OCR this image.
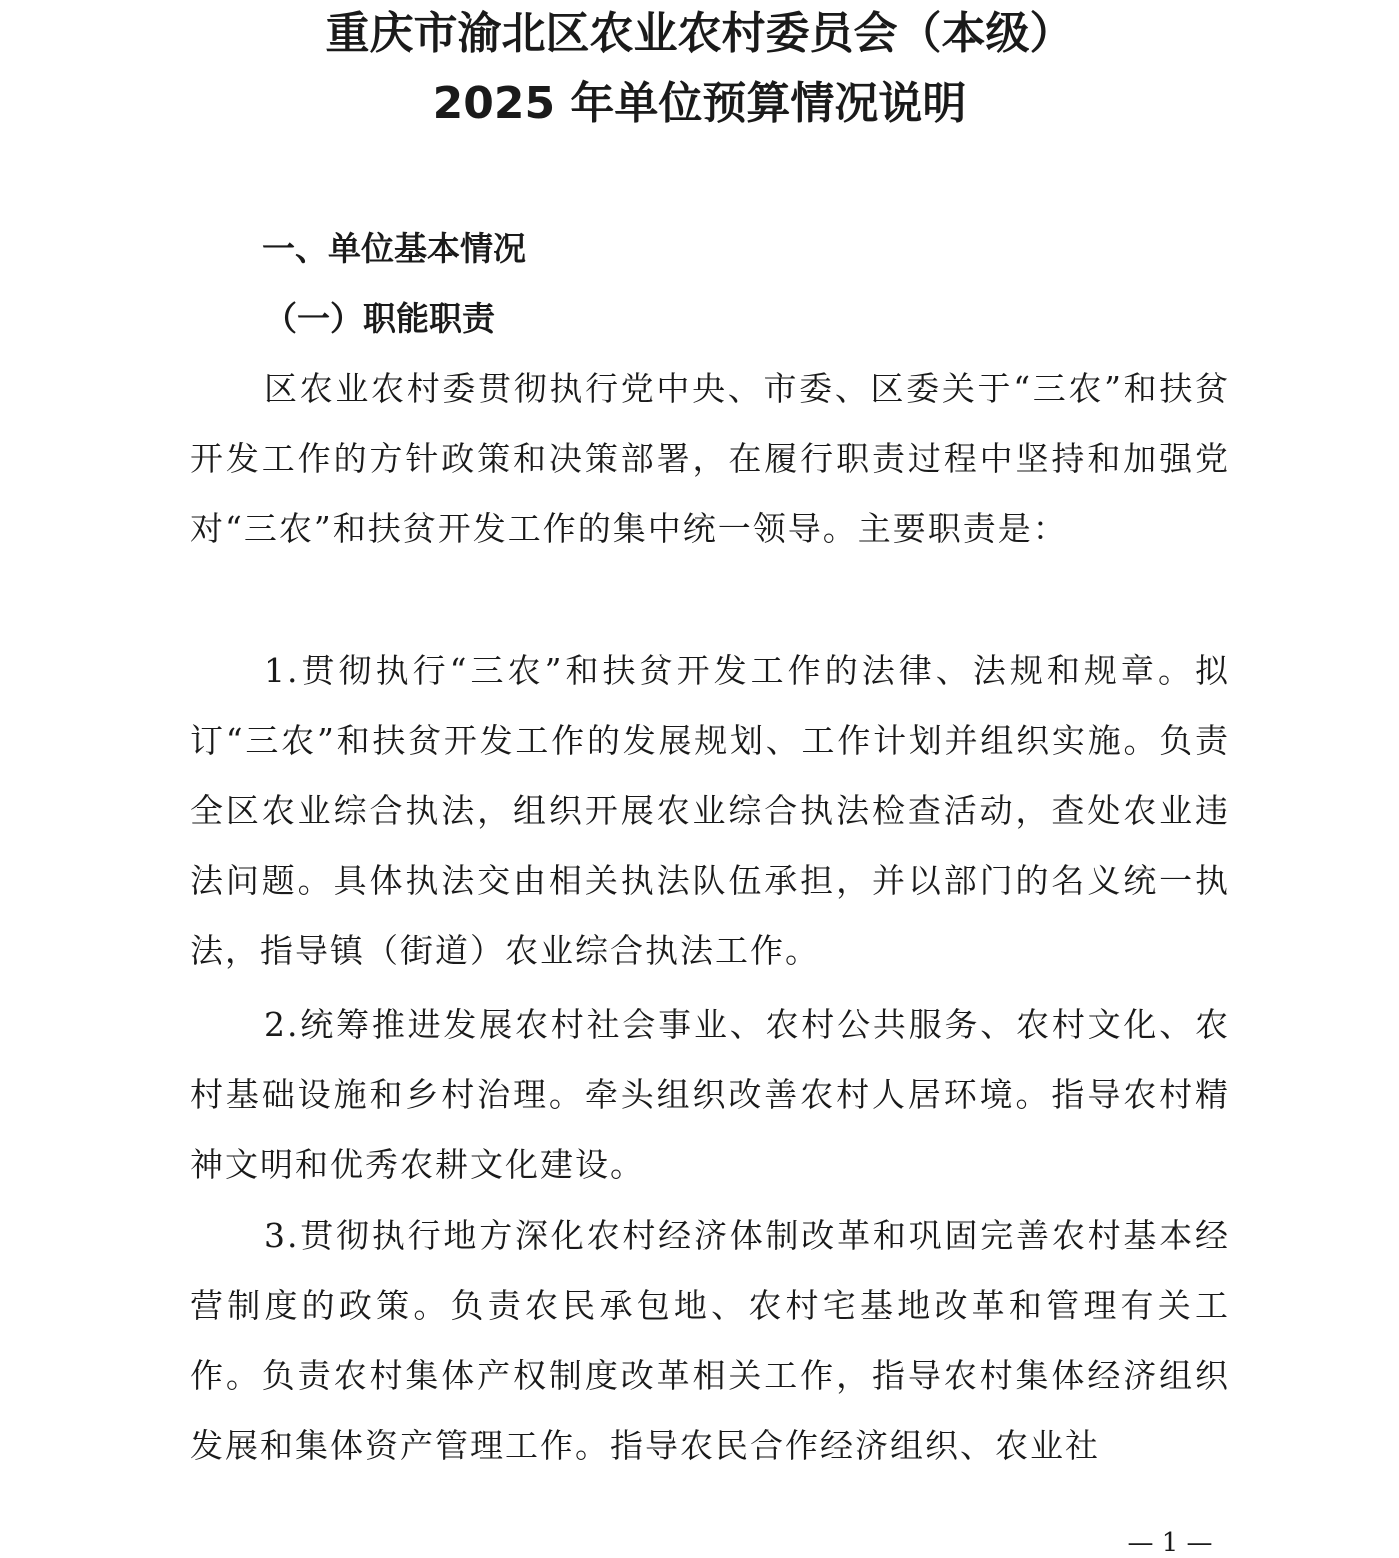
重庆市渝北区农业农村委员会（本级）
2025 年单位预算情况说明
一、单位基本情况
（一）职能职责

区农业农村委贯彻执行党中央、市委、区委关于“三农”和扶贫开发工作的方针政策和决策部署，在履行职责过程中坚持和加强党对“三农”和扶贫开发工作的集中统一领导。主要职责是：

1.贯彻执行“三农”和扶贫开发工作的法律、法规和规章。拟订“三农”和扶贫开发工作的发展规划、工作计划并组织实施。负责全区农业综合执法，组织开展农业综合执法检查活动，查处农业违法问题。具体执法交由相关执法队伍承担，并以部门的名义统一执法，指导镇（街道）农业综合执法工作。

2.统筹推进发展农村社会事业、农村公共服务、农村文化、农村基础设施和乡村治理。牵头组织改善农村人居环境。指导农村精神文明和优秀农耕文化建设。

3.贯彻执行地方深化农村经济体制改革和巩固完善农村基本经营制度的政策。负责农民承包地、农村宅基地改革和管理有关工作。负责农村集体产权制度改革相关工作，指导农村集体经济组织发展和集体资产管理工作。指导农民合作经济组织、农业社

— 1 —
